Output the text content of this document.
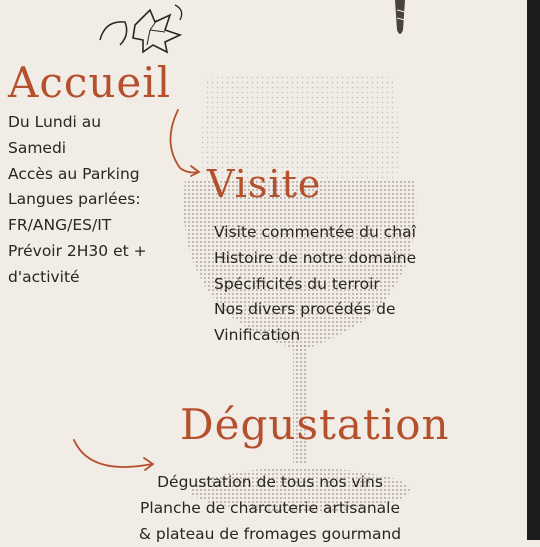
Accueil
Du Lundi au
Samedi
Accès au Parking
Langues parlées:
FR/ANG/ES/IT
Prévoir 2H30 et +
d'activité
Visite
Visite commentée du chaî
Histoire de notre domaine
Spécificités du terroir
Nos divers procédés de
Vinification
Dégustation
Dégustation de tous nos vins
Planche de charcuterie artisanale
& plateau de fromages gourmand
